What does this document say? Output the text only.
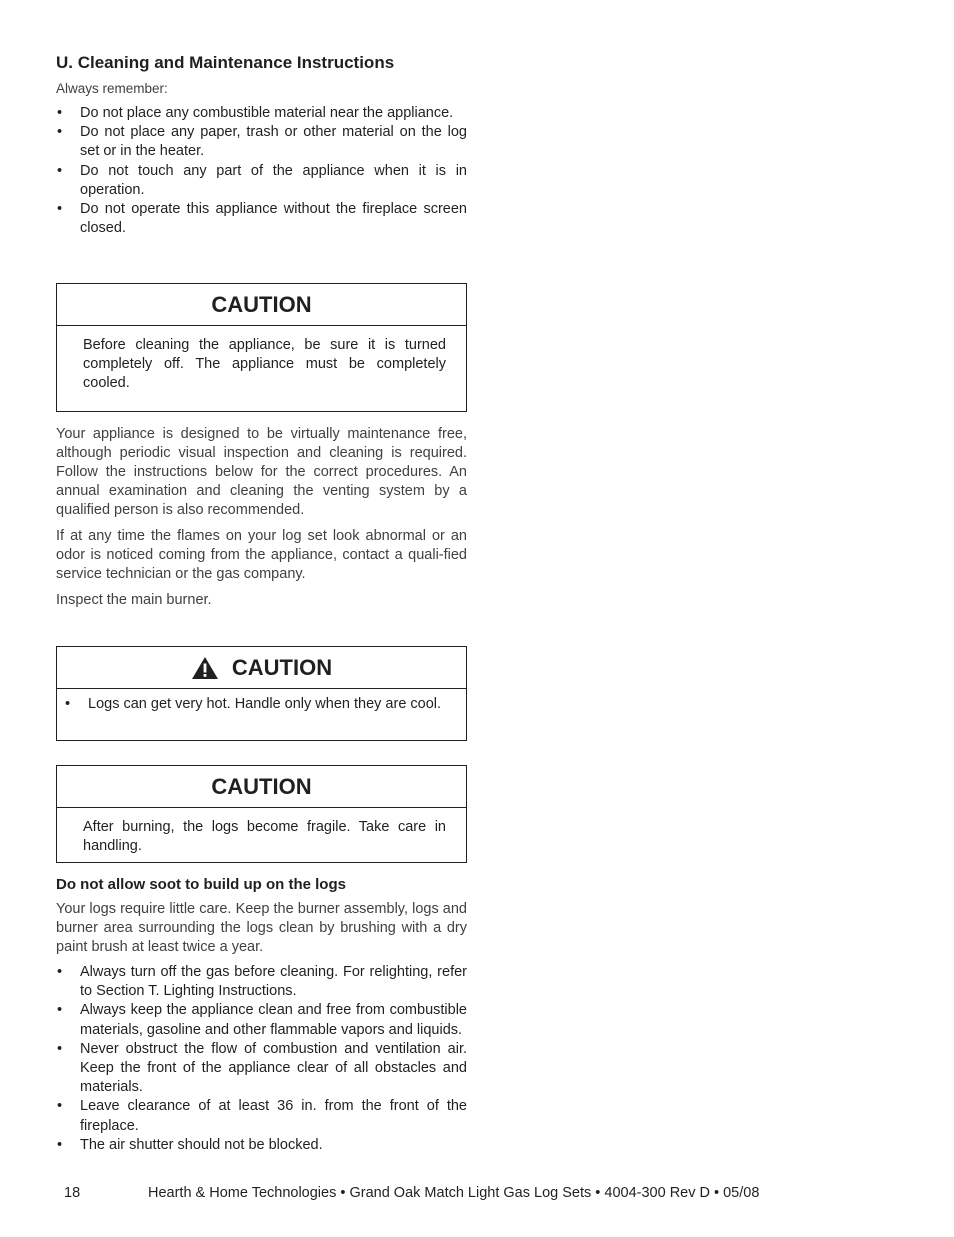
U. Cleaning and Maintenance Instructions
Always remember:
• Do not place any combustible material near the appliance.
• Do not place any paper, trash or other material on the log set or in the heater.
• Do not touch any part of the appliance when it is in operation.
• Do not operate this appliance without the fireplace screen closed.
CAUTION
Before cleaning the appliance, be sure it is turned completely off. The appliance must be completely cooled.

Your appliance is designed to be virtually maintenance free, although periodic visual inspection and cleaning is required. Follow the instructions below for the correct procedures. An annual examination and cleaning the venting system by a qualified person is also recommended.

If at any time the flames on your log set look abnormal or an odor is noticed coming from the appliance, contact a quali-fied service technician or the gas company.

Inspect the main burner.

CAUTION
• Logs can get very hot. Handle only when they are cool.
CAUTION
After burning, the logs become fragile. Take care in handling.
Do not allow soot to build up on the logs

Your logs require little care. Keep the burner assembly, logs and burner area surrounding the logs clean by brushing with a dry paint brush at least twice a year.

• Always turn off the gas before cleaning. For relighting, refer to Section T. Lighting Instructions.
• Always keep the appliance clean and free from combustible materials, gasoline and other flammable vapors and liquids.
• Never obstruct the flow of combustion and ventilation air. Keep the front of the appliance clear of all obstacles and materials.
• Leave clearance of at least 36 in. from the front of the fireplace.
• The air shutter should not be blocked.
18	Hearth & Home Technologies • Grand Oak Match Light Gas Log Sets • 4004-300 Rev D • 05/08
